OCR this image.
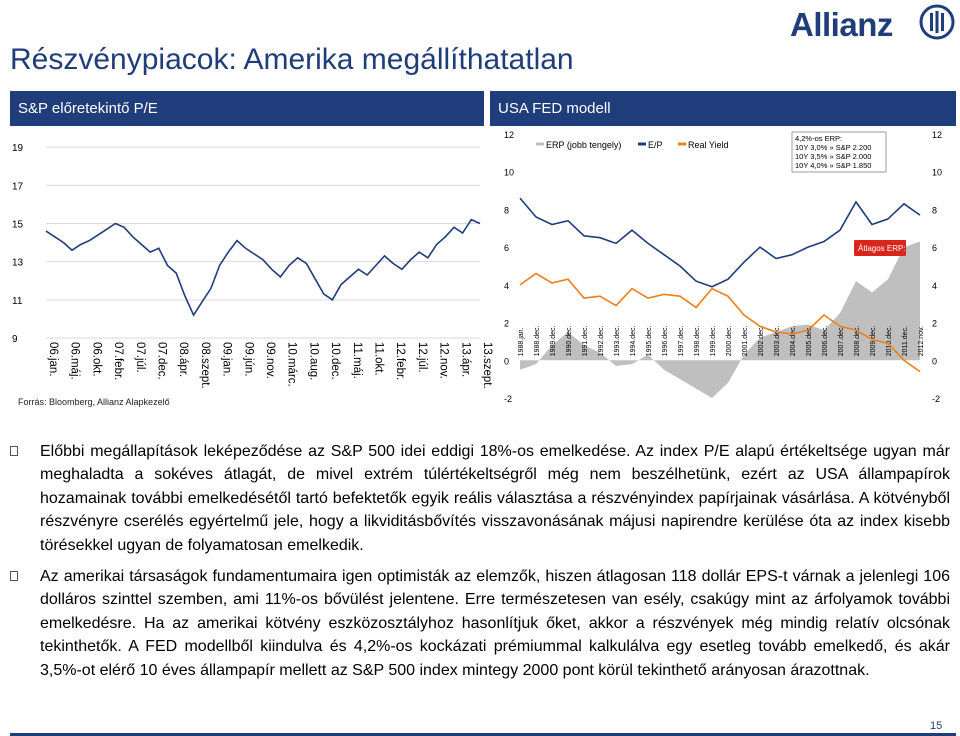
Részvénypiacok: Amerika megállíthatatlan
Allianz
S&P előretekintő P/E	USA FED modell
9
11
13
15
17
19
06.jan. 06.máj. 06.okt. 07.febr. 07.júl. 07.dec. 08.ápr. 08.szept. 09.jan. 09.jún. 09.nov. 10.márc. 10.aug. 10.dec. 11.máj. 11.okt. 12.febr. 12.júl. 12.nov. 13.ápr. 13.szept.
Forrás: Bloomberg, Allianz Alapkezelő	-2
0
2
4
6
8
10
12
-2
0
2
4
6
8
10
12
1988.jan. 1988.dec. 1989.dec. 1990.dec. 1991.dec. 1992.dec. 1993.dec. 1994.dec. 1995.dec. 1996.dec. 1997.dec. 1998.dec. 1999.dec. 2000.dec. 2001.dec. 2002.dec. 2003.dec. 2004.dec. 2005.dec. 2006.dec. 2007.dec. 2008.dec. 2009.dec. 2010.dec. 2011.dec. 2012.nov.
ERP (jobb tengely)	E/P	Real Yield
4,2%-os ERP:
10Y 3,0% » S&P 2.200
10Y 3,5% » S&P 2.000
10Y 4,0% » S&P 1.850
Átlagos ERP:
Előbbi megállapítások leképeződése az S&P 500 idei eddigi 18%-os emelkedése. Az index P/E alapú értékeltsége ugyan már meghaladta a sokéves átlagát, de mivel extrém túlértékeltségről még nem beszélhetünk, ezért az USA állampapírok hozamainak további emelkedésétől tartó befektetők egyik reális választása a részvényindex papírjainak vásárlása. A kötvényből részvényre cserélés egyértelmű jele, hogy a likviditásbővítés visszavonásának májusi napirendre kerülése óta az index kisebb törésekkel ugyan de folyamatosan emelkedik.
Az amerikai társaságok fundamentumaira igen optimisták az elemzők, hiszen átlagosan 118 dollár EPS-t várnak a jelenlegi 106 dolláros szinttel szemben, ami 11%-os bővülést jelentene. Erre természetesen van esély, csakúgy mint az árfolyamok további emelkedésre. Ha az amerikai kötvény eszközosztályhoz hasonlítjuk őket, akkor a részvények még mindig relatív olcsónak tekinthetők. A FED modellből kiindulva és 4,2%-os kockázati prémiummal kalkulálva egy esetleg tovább emelkedő, és akár 3,5%-ot elérő 10 éves állampapír mellett az S&P 500 index mintegy 2000 pont körül tekinthető arányosan árazottnak.
15
